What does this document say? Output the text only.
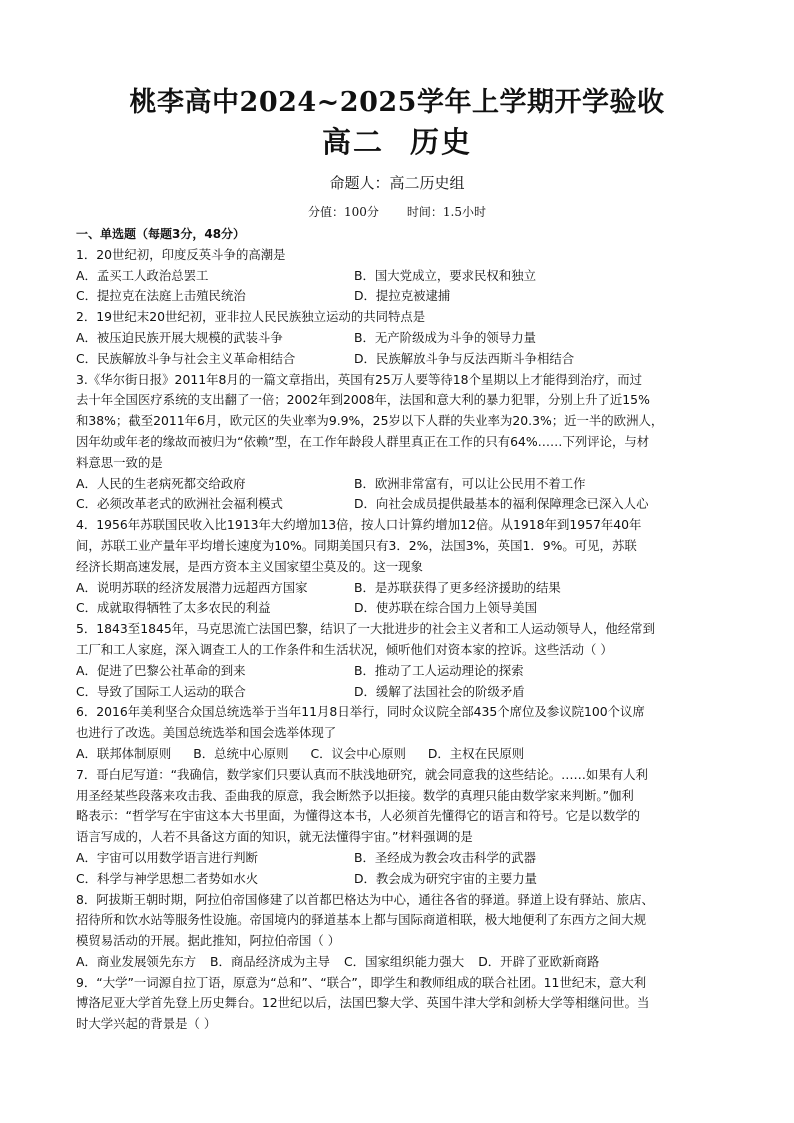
桃李高中2024~2025学年上学期开学验收
高二 历史
命题人：高二历史组
分值：100分 时间：1.5小时
一、单选题（每题3分，48分）

1．20世纪初，印度反英斗争的高潮是

A．孟买工人政治总罢工	B．国大党成立，要求民权和独立
C．提拉克在法庭上击殖民统治	D．提拉克被逮捕

2．19世纪末20世纪初，亚非拉人民民族独立运动的共同特点是

A．被压迫民族开展大规模的武装斗争	B．无产阶级成为斗争的领导力量
C．民族解放斗争与社会主义革命相结合	D．民族解放斗争与反法西斯斗争相结合

3.《华尔街日报》2011年8月的一篇文章指出，英国有25万人要等待18个星期以上才能得到治疗，而过

去十年全国医疗系统的支出翻了一倍；2002年到2008年，法国和意大利的暴力犯罪，分别上升了近15%

和38%；截至2011年6月，欧元区的失业率为9.9%，25岁以下人群的失业率为20.3%；近一半的欧洲人，

因年幼或年老的缘故而被归为“依赖”型，在工作年龄段人群里真正在工作的只有64%……下列评论，与材

料意思一致的是

A．人民的生老病死都交给政府	B．欧洲非常富有，可以让公民用不着工作
C．必须改革老式的欧洲社会福利模式	D．向社会成员提供最基本的福利保障理念已深入人心

4．1956年苏联国民收入比1913年大约增加13倍，按人口计算约增加12倍。从1918年到1957年40年

间，苏联工业产量年平均增长速度为10%。同期美国只有3．2%，法国3%，英国1．9%。可见，苏联

经济长期高速发展，是西方资本主义国家望尘莫及的。这一现象

A．说明苏联的经济发展潜力远超西方国家	B．是苏联获得了更多经济援助的结果
C．成就取得牺牲了太多农民的利益	D．使苏联在综合国力上领导美国

5．1843至1845年，马克思流亡法国巴黎，结识了一大批进步的社会主义者和工人运动领导人，他经常到

工厂和工人家庭，深入调查工人的工作条件和生活状况，倾听他们对资本家的控诉。这些活动（ ）

A．促进了巴黎公社革命的到来	B．推动了工人运动理论的探索
C．导致了国际工人运动的联合	D．缓解了法国社会的阶级矛盾

6．2016年美利坚合众国总统选举于当年11月8日举行，同时众议院全部435个席位及参议院100个议席

也进行了改选。美国总统选举和国会选举体现了

A．联邦体制原则 B．总统中心原则 C．议会中心原则 D．主权在民原则

7．哥白尼写道：“我确信，数学家们只要认真而不肤浅地研究，就会同意我的这些结论。……如果有人利

用圣经某些段落来攻击我、歪曲我的原意，我会断然予以拒接。数学的真理只能由数学家来判断。”伽利

略表示：“哲学写在宇宙这本大书里面，为懂得这本书，人必须首先懂得它的语言和符号。它是以数学的

语言写成的，人若不具备这方面的知识，就无法懂得宇宙。”材料强调的是

A．宇宙可以用数学语言进行判断	B．圣经成为教会攻击科学的武器
C．科学与神学思想二者势如水火	D．教会成为研究宇宙的主要力量

8．阿拔斯王朝时期，阿拉伯帝国修建了以首都巴格达为中心，通往各省的驿道。驿道上设有驿站、旅店、

招待所和饮水站等服务性设施。帝国境内的驿道基本上都与国际商道相联，极大地便利了东西方之间大规

模贸易活动的开展。据此推知，阿拉伯帝国（ ）

A．商业发展领先东方 B．商品经济成为主导 C．国家组织能力强大 D．开辟了亚欧新商路

9．“大学”一词源自拉丁语，原意为“总和”、“联合”，即学生和教师组成的联合社团。11世纪末，意大利

博洛尼亚大学首先登上历史舞台。12世纪以后，法国巴黎大学、英国牛津大学和剑桥大学等相继问世。当

时大学兴起的背景是（ ）
